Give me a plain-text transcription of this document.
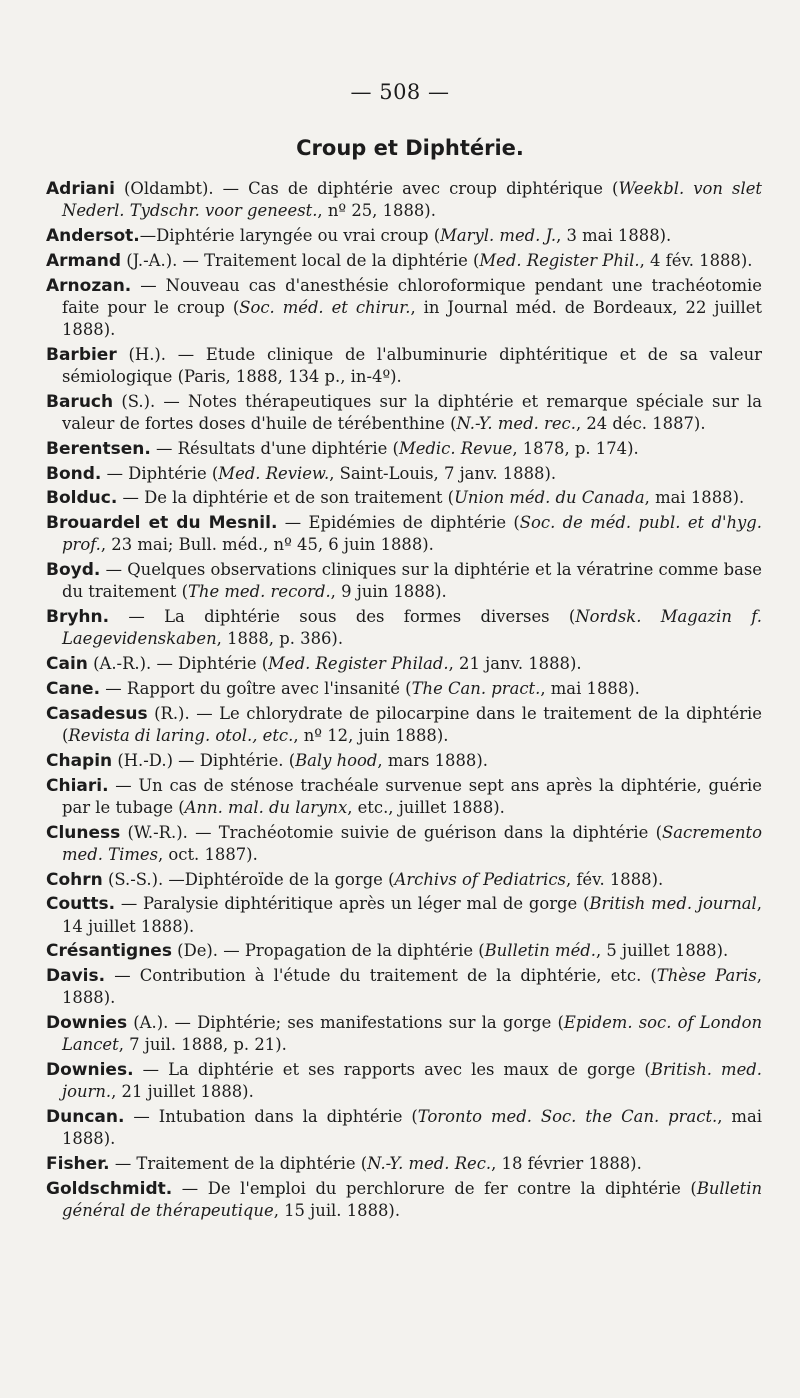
— 508 —
Croup et Diphtérie.

Adriani (Oldambt). — Cas de diphtérie avec croup diphtérique (Weekbl. von slet Nederl. Tydschr. voor geneest., nº 25, 1888).

Andersot.—Diphtérie laryngée ou vrai croup (Maryl. med. J., 3 mai 1888).

Armand (J.-A.). — Traitement local de la diphtérie (Med. Register Phil., 4 fév. 1888).

Arnozan. — Nouveau cas d'anesthésie chloroformique pendant une trachéotomie faite pour le croup (Soc. méd. et chirur., in Journal méd. de Bordeaux, 22 juillet 1888).

Barbier (H.). — Etude clinique de l'albuminurie diphtéritique et de sa valeur sémiologique (Paris, 1888, 134 p., in-4º).

Baruch (S.). — Notes thérapeutiques sur la diphtérie et remarque spéciale sur la valeur de fortes doses d'huile de térébenthine (N.-Y. med. rec., 24 déc. 1887).

Berentsen. — Résultats d'une diphtérie (Medic. Revue, 1878, p. 174).

Bond. — Diphtérie (Med. Review., Saint-Louis, 7 janv. 1888).

Bolduc. — De la diphtérie et de son traitement (Union méd. du Canada, mai 1888).

Brouardel et du Mesnil. — Epidémies de diphtérie (Soc. de méd. publ. et d'hyg. prof., 23 mai; Bull. méd., nº 45, 6 juin 1888).

Boyd. — Quelques observations cliniques sur la diphtérie et la vératrine comme base du traitement (The med. record., 9 juin 1888).

Bryhn. — La diphtérie sous des formes diverses (Nordsk. Magazin f. Laegevidenskaben, 1888, p. 386).

Cain (A.-R.). — Diphtérie (Med. Register Philad., 21 janv. 1888).

Cane. — Rapport du goître avec l'insanité (The Can. pract., mai 1888).

Casadesus (R.). — Le chlorydrate de pilocarpine dans le traitement de la diphtérie (Revista di laring. otol., etc., nº 12, juin 1888).

Chapin (H.-D.) — Diphtérie. (Baly hood, mars 1888).

Chiari. — Un cas de sténose trachéale survenue sept ans après la diphtérie, guérie par le tubage (Ann. mal. du larynx, etc., juillet 1888).

Cluness (W.-R.). — Trachéotomie suivie de guérison dans la diphtérie (Sacremento med. Times, oct. 1887).

Cohrn (S.-S.). —Diphtéroïde de la gorge (Archivs of Pediatrics, fév. 1888).

Coutts. — Paralysie diphtéritique après un léger mal de gorge (British med. journal, 14 juillet 1888).

Crésantignes (De). — Propagation de la diphtérie (Bulletin méd., 5 juillet 1888).

Davis. — Contribution à l'étude du traitement de la diphtérie, etc. (Thèse Paris, 1888).

Downies (A.). — Diphtérie; ses manifestations sur la gorge (Epidem. soc. of London Lancet, 7 juil. 1888, p. 21).

Downies. — La diphtérie et ses rapports avec les maux de gorge (British. med. journ., 21 juillet 1888).

Duncan. — Intubation dans la diphtérie (Toronto med. Soc. the Can. pract., mai 1888).

Fisher. — Traitement de la diphtérie (N.-Y. med. Rec., 18 février 1888).

Goldschmidt. — De l'emploi du perchlorure de fer contre la diphtérie (Bulletin général de thérapeutique, 15 juil. 1888).
